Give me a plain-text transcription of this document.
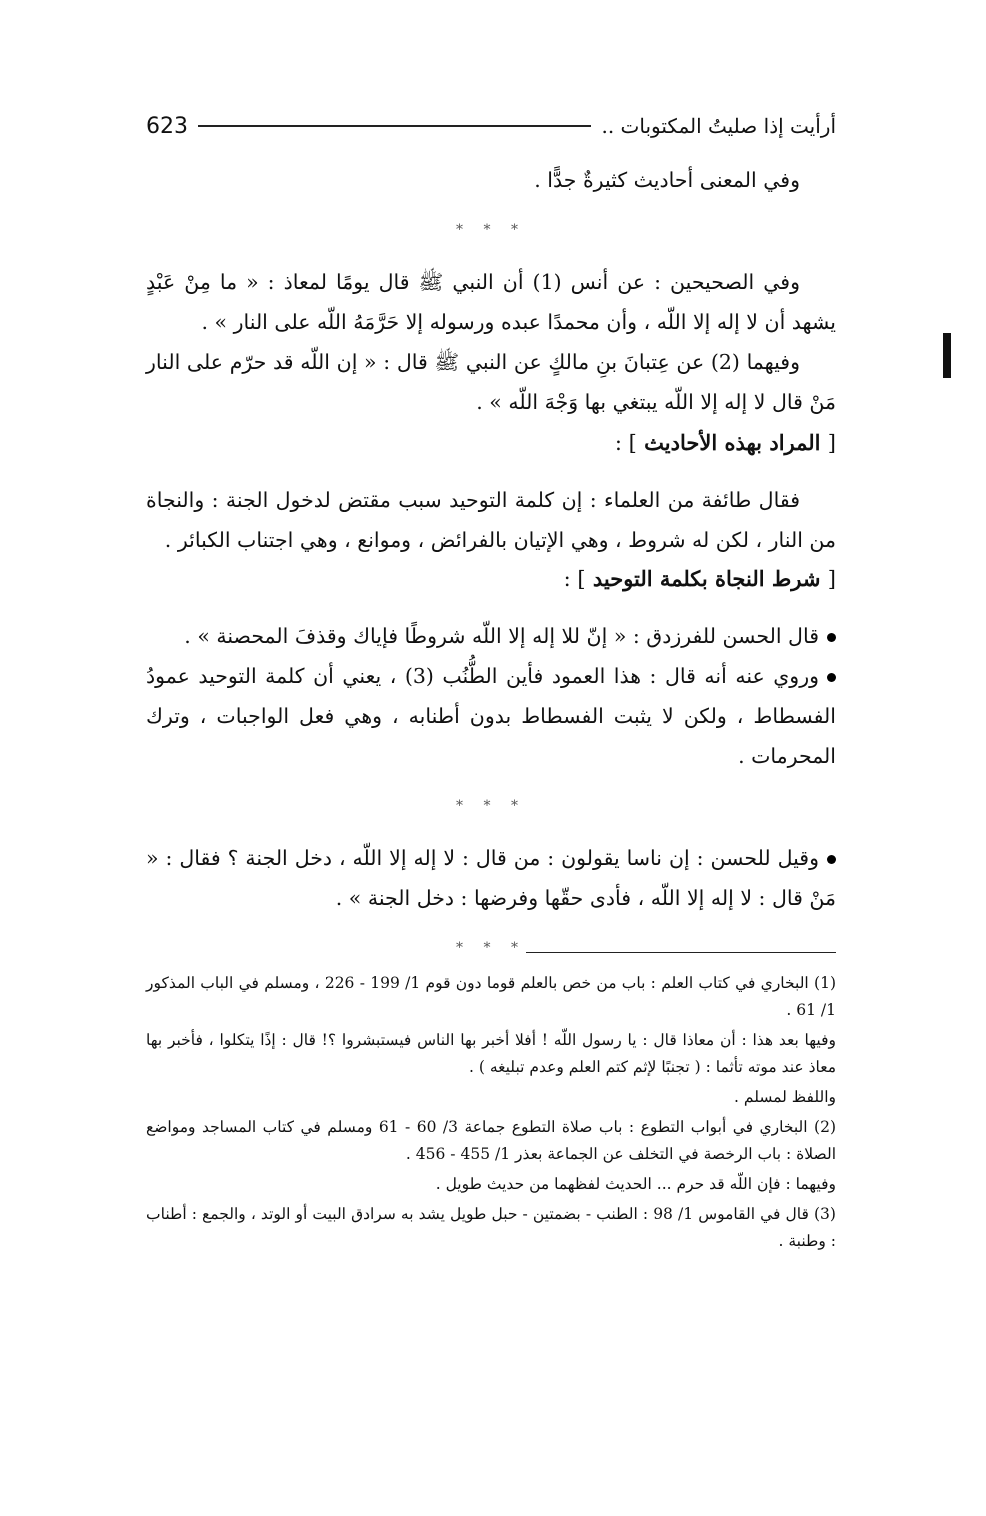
أرأيت إذا صليتُ المكتوبات ..
623

وفي المعنى أحاديث كثيرةٌ جدًّا .

* * *

وفي الصحيحين : عن أنس (1) أن النبي ﷺ قال يومًا لمعاذ : « ما مِنْ عَبْدٍ يشهد أن لا إله إلا اللّه ، وأن محمدًا عبده ورسوله إلا حَرَّمَهُ اللّه على النار » .

وفيهما (2) عن عِتبانَ بنِ مالكٍ عن النبي ﷺ قال : « إن اللّه قد حرّم على النار مَنْ قال لا إله إلا اللّه يبتغي بها وَجْهَ اللّه » .

[ المراد بهذه الأحاديث ] :

فقال طائفة من العلماء : إن كلمة التوحيد سبب مقتض لدخول الجنة : والنجاة من النار ، لكن له شروط ، وهي الإتيان بالفرائض ، وموانع ، وهي اجتناب الكبائر .

[ شرط النجاة بكلمة التوحيد ] :

قال الحسن للفرزدق : « إنّ للا إله إلا اللّه شروطًا فإياك وقذفَ المحصنة » .

وروي عنه أنه قال : هذا العمود فأين الطُّنُب (3) ، يعني أن كلمة التوحيد عمودُ الفسطاط ، ولكن لا يثبت الفسطاط بدون أطنابه ، وهي فعل الواجبات ، وترك المحرمات .

* * *

وقيل للحسن : إن ناسا يقولون : من قال : لا إله إلا اللّه ، دخل الجنة ؟ فقال : « مَنْ قال : لا إله إلا اللّه ، فأدى حقّها وفرضها : دخل الجنة » .

* * *

(1) البخاري في كتاب العلم : باب من خص بالعلم قوما دون قوم 1/ 199 - 226 ، ومسلم في الباب المذكور 1/ 61 .

وفيها بعد هذا : أن معاذا قال : يا رسول اللّه ! أفلا أخبر بها الناس فيستبشروا ؟! قال : إذًا يتكلوا ، فأخبر بها معاذ عند موته تأثما : ( تجنبًا لإثم كتم العلم وعدم تبليغه ) .

واللفظ لمسلم .

(2) البخاري في أبواب التطوع : باب صلاة التطوع جماعة 3/ 60 - 61 ومسلم في كتاب المساجد ومواضع الصلاة : باب الرخصة في التخلف عن الجماعة بعذر 1/ 455 - 456 .

وفيهما : فإن اللّه قد حرم ... الحديث لفظهما من حديث طويل .

(3) قال في القاموس 1/ 98 : الطنب - بضمتين - حبل طويل يشد به سرادق البيت أو الوتد ، والجمع : أطناب : وطنبة .
